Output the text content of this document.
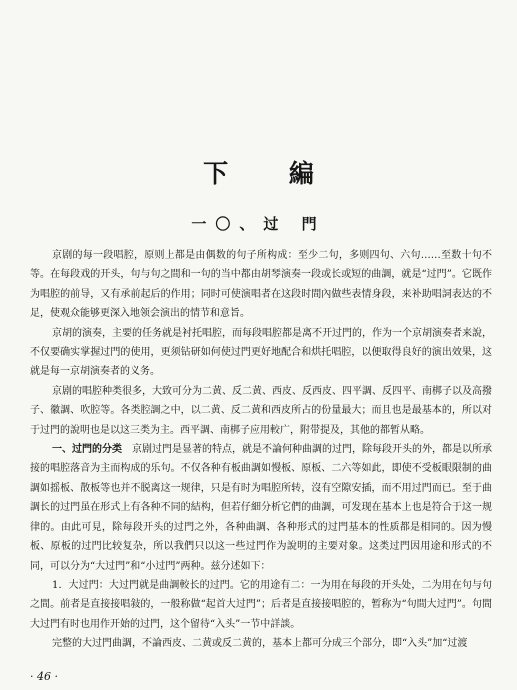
下 編
一〇、过 門

京剧的每一段唱腔，原则上都是由偶数的句子所构成：至少二句，多则四句、六句……至数十句不等。在每段戏的开头，句与句之間和一句的当中都由胡琴演奏一段或长或短的曲調，就是“过門”。它既作为唱腔的前导，又有承前起后的作用；同时可使演唱者在这段时間內做些表情身段，来补助唱詞表达的不足，使观众能够更深入地领会演出的情节和意旨。

京胡的演奏，主要的任务就是衬托唱腔，而每段唱腔都是离不开过門的，作为一个京胡演奏者来說，不仅要确实掌握过門的使用，更须钻研如何使过門更好地配合和烘托唱腔，以便取得良好的演出效果，这就是每一京胡演奏者的义务。

京剧的唱腔种类很多，大致可分为二黄、反二黄、西皮、反西皮、四平調、反四平、南梆子以及高撥子、徽調、吹腔等。各类腔調之中，以二黄、反二黄和西皮所占的份量最大；而且也是最基本的，所以对于过門的說明也是以这三类为主。西平調、南梆子应用較广，附带提及，其他的都暂从略。

一、过門的分类　 京剧过門是显著的特点，就是不論何种曲調的过門，除每段开头的外，都是以所承接的唱腔落音为主而构成的乐句。不仅各种有板曲調如慢板、原板、二六等如此，即使不受板眼限制的曲調如摇板、散板等也并不脱离这一规律，只是有时为唱腔所转，沒有空隙安插，而不用过門而已。至于曲調长的过門虽在形式上有各种不同的結构，但若仔細分析它們的曲調，可发现在基本上也是符合于这一规律的。由此可見，除每段开头的过門之外，各种曲調、各种形式的过門基本的性质都是相同的。因为慢板、原板的过門比较复杂，所以我們只以这一些过門作为說明的主要对象。这类过門因用途和形式的不同，可以分为“大过門”和“小过門”两种。兹分述如下：

1．大过門：大过門就是曲調較长的过門。它的用途有二：一为用在每段的开头处，二为用在句与句之間。前者是直接接唱敍的，一般称做“起首大过門”；后者是直接接唱腔的，暂称为“句間大过門”。句間大过門有时也用作开始的过門，这个留待“入头”一节中詳談。

完整的大过門曲調，不論西皮、二黄或反二黄的，基本上都可分成三个部分，即“入头”加“过渡

· 46 ·
